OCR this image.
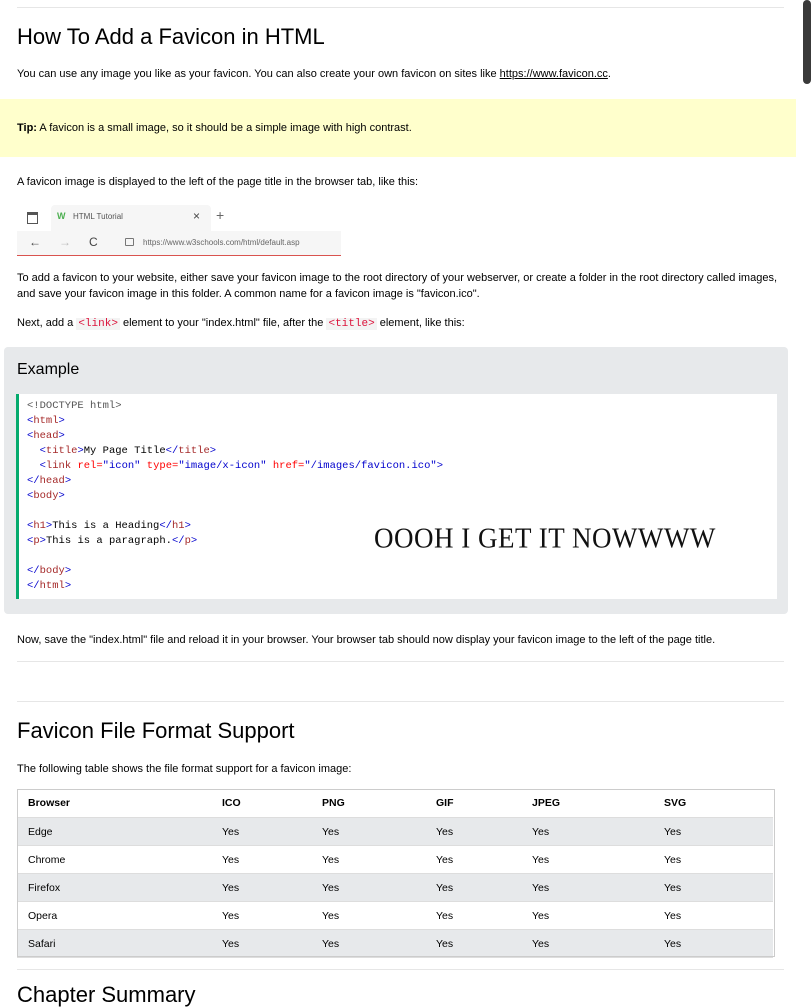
How To Add a Favicon in HTML

You can use any image you like as your favicon. You can also create your own favicon on sites like https://www.favicon.cc.

Tip: A favicon is a small image, so it should be a simple image with high contrast.

A favicon image is displayed to the left of the page title in the browser tab, like this:

W HTML Tutorial	× +
← → C	https://www.w3schools.com/html/default.asp

To add a favicon to your website, either save your favicon image to the root directory of your webserver, or create a folder in the root directory called images, and save your favicon image in this folder. A common name for a favicon image is "favicon.ico".

Next, add a <link> element to your "index.html" file, after the <title> element, like this:

Example
<!DOCTYPE html>
<html>
<head>
<title>My Page Title</title>
<link rel="icon" type="image/x-icon" href="/images/favicon.ico">
</head>
<body>
<h1>This is a Heading</h1>
<p>This is a paragraph.</p>
</body>
</html>
OOOH I GET IT NOWWWW

Now, save the "index.html" file and reload it in your browser. Your browser tab should now display your favicon image to the left of the page title.

Favicon File Format Support

The following table shows the file format support for a favicon image:

Browser	ICO	PNG	GIF	JPEG	SVG
Edge	Yes	Yes	Yes	Yes	Yes
Chrome	Yes	Yes	Yes	Yes	Yes
Firefox	Yes	Yes	Yes	Yes	Yes
Opera	Yes	Yes	Yes	Yes	Yes
Safari	Yes	Yes	Yes	Yes	Yes
Chapter Summary
